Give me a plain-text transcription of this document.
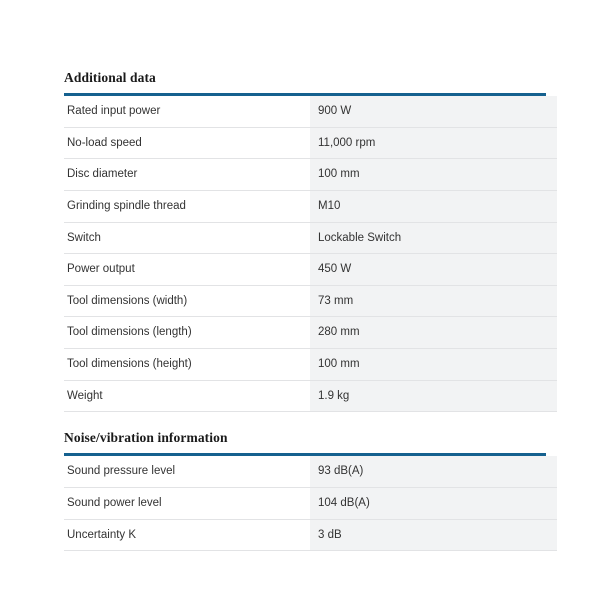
Additional data
Rated input power	900 W
No-load speed	11,000 rpm
Disc diameter	100 mm
Grinding spindle thread	M10
Switch	Lockable Switch
Power output	450 W
Tool dimensions (width)	73 mm
Tool dimensions (length)	280 mm
Tool dimensions (height)	100 mm
Weight	1.9 kg
Noise/vibration information
Sound pressure level	93 dB(A)
Sound power level	104 dB(A)
Uncertainty K	3 dB
